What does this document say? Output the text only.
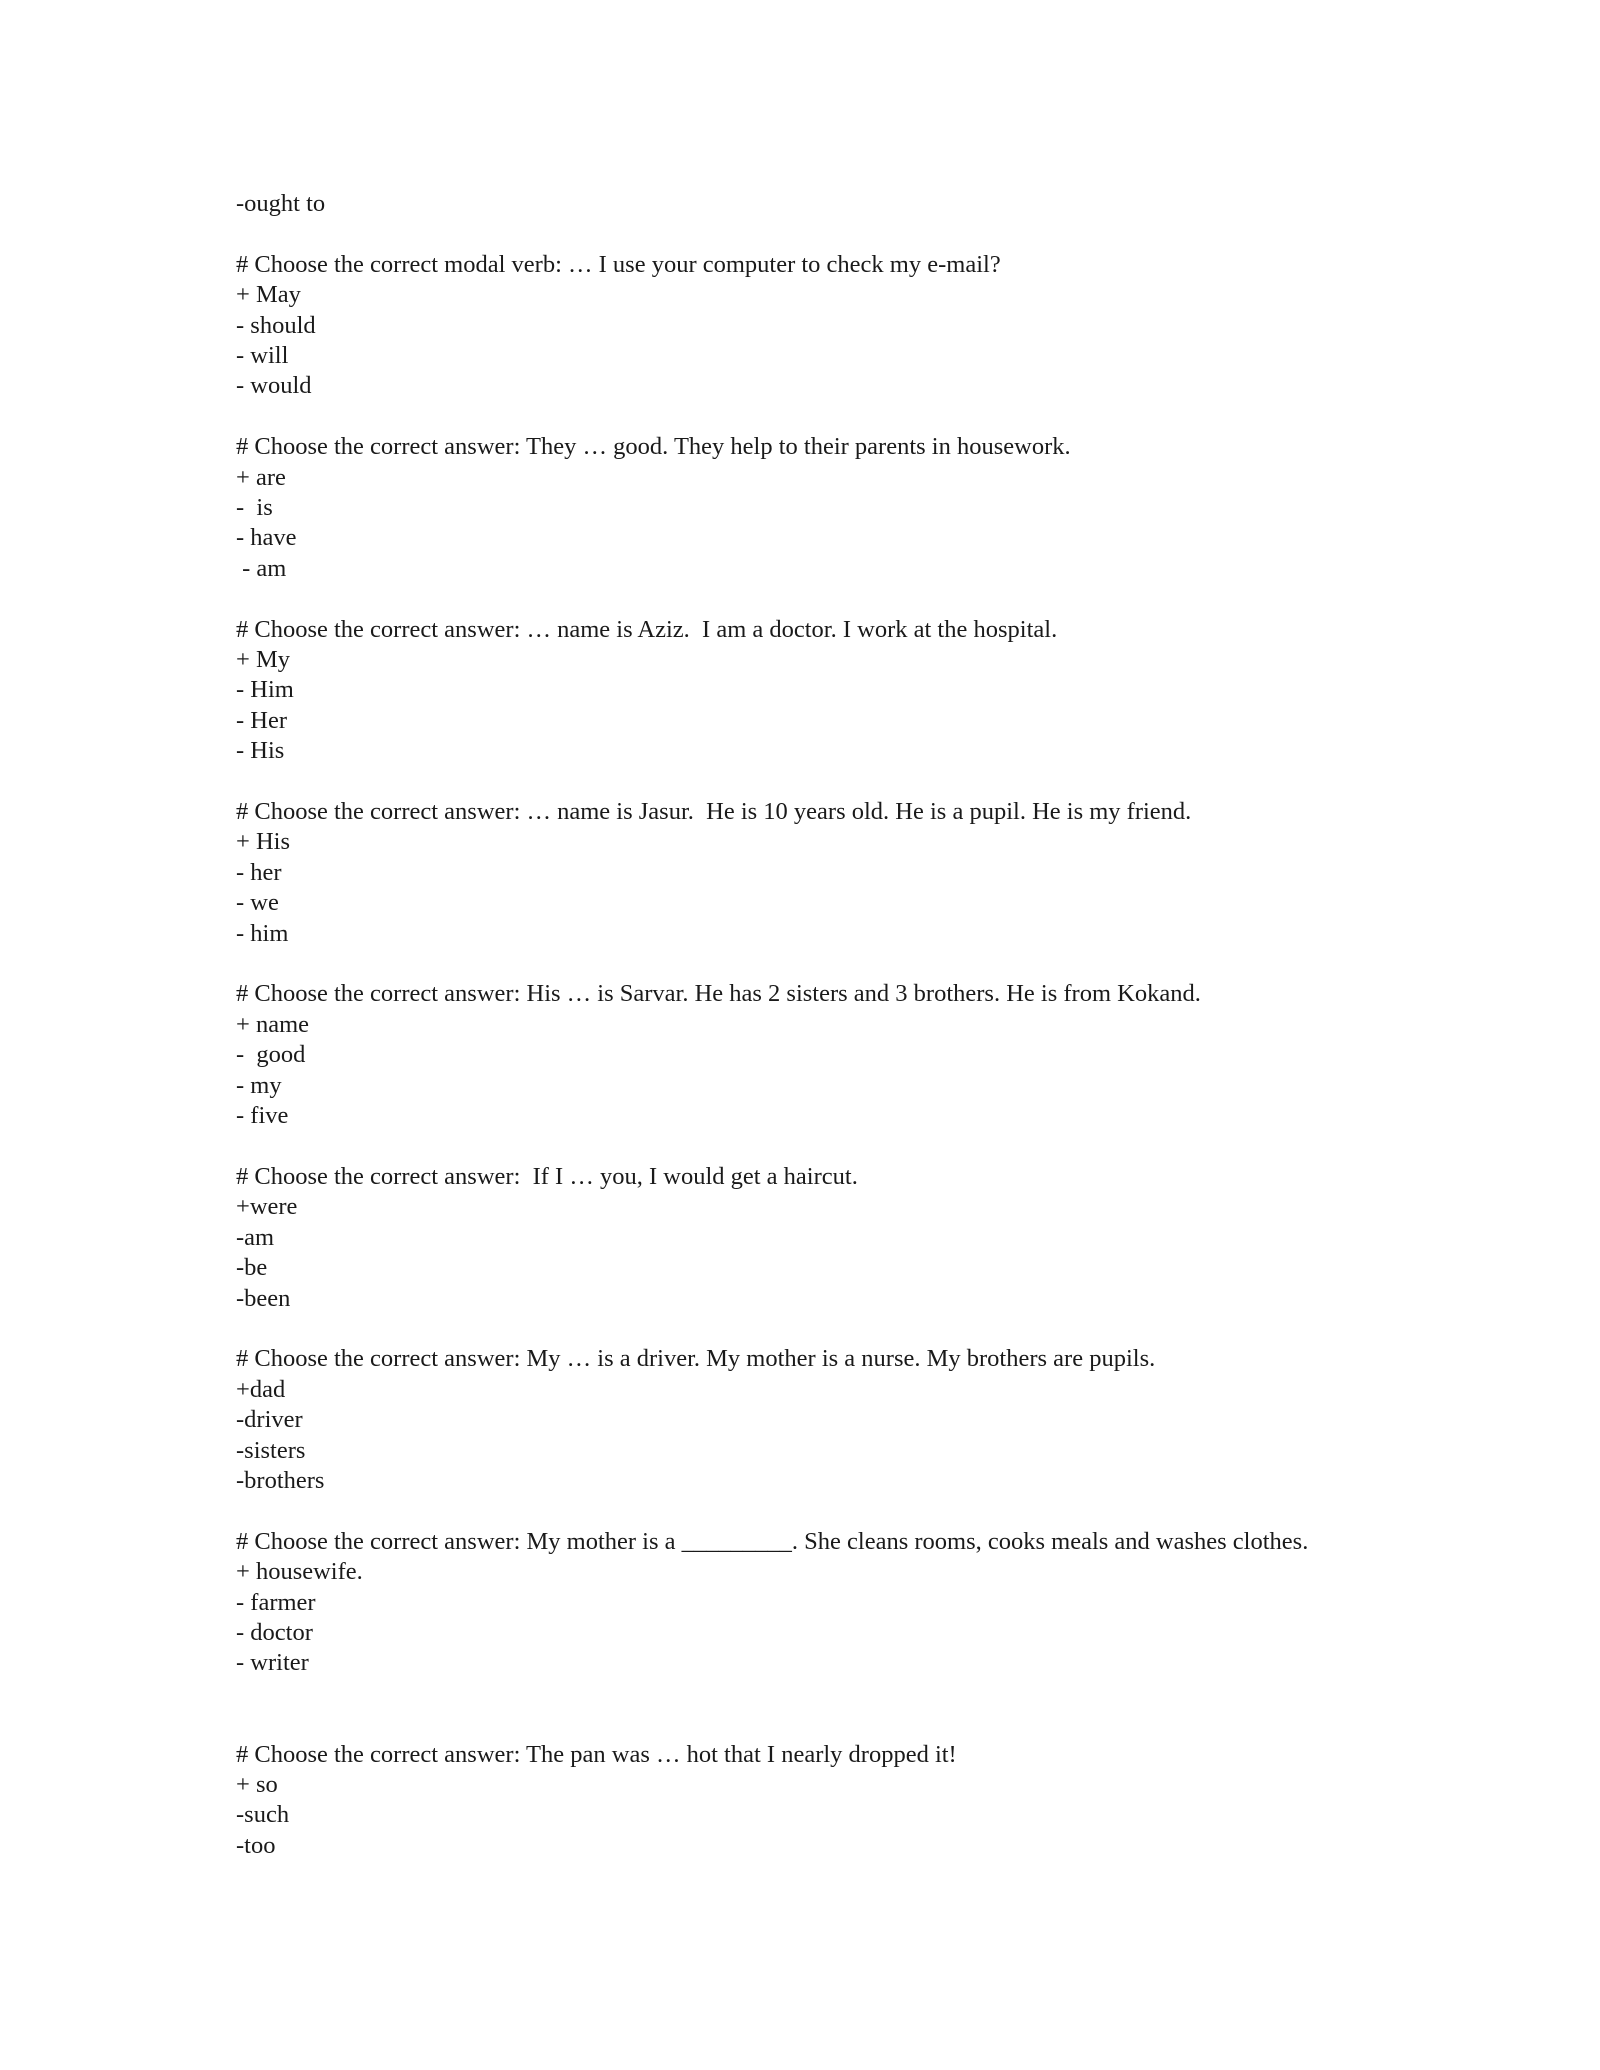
-ought to
# Choose the correct modal verb: … I use your computer to check my e-mail?
+ May
- should
- will
- would
# Choose the correct answer: They … good. They help to their parents in housework.
+ are
-  is
- have
- am
# Choose the correct answer: … name is Aziz.  I am a doctor. I work at the hospital.
+ My
- Him
- Her
- His
# Choose the correct answer: … name is Jasur.  He is 10 years old. He is a pupil. He is my friend.
+ His
- her
- we
- him
# Choose the correct answer: His … is Sarvar. He has 2 sisters and 3 brothers. He is from Kokand.
+ name
-  good
- my
- five
# Choose the correct answer:  If I … you, I would get a haircut.
+were
-am
-be
-been
# Choose the correct answer: My … is a driver. My mother is a nurse. My brothers are pupils.
+dad
-driver
-sisters
-brothers
# Choose the correct answer: My mother is a _________. She cleans rooms, cooks meals and washes clothes.
+ housewife.
- farmer
- doctor
- writer
# Choose the correct answer: The pan was … hot that I nearly dropped it!
+ so
-such
-too
